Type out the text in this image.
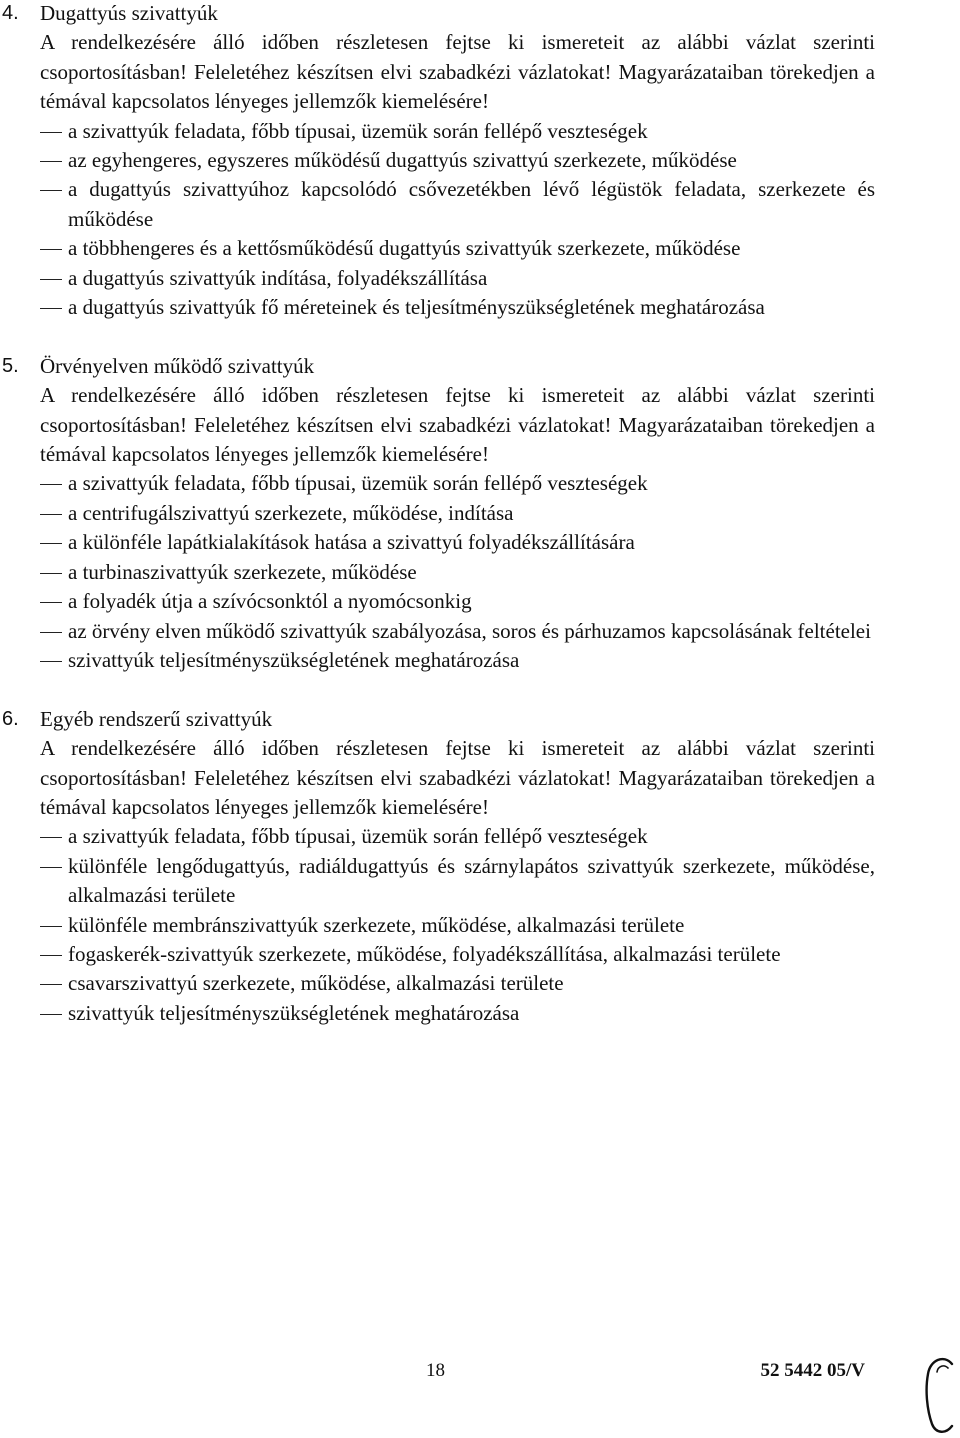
4.	Dugattyús szivattyúk

A rendelkezésére álló időben részletesen fejtse ki ismereteit az alábbi vázlat szerinti csoportosításban! Feleletéhez készítsen elvi szabadkézi vázlatokat! Magyarázataiban törekedjen a témával kapcsolatos lényeges jellemzők kiemelésére!

a szivattyúk feladata, főbb típusai, üzemük során fellépő veszteségek
az egyhengeres, egyszeres működésű dugattyús szivattyú szerkezete, működése
a dugattyús szivattyúhoz kapcsolódó csővezetékben lévő légüstök feladata, szerkezete és működése
a többhengeres és a kettősműködésű dugattyús szivattyúk szerkezete, működése
a dugattyús szivattyúk indítása, folyadékszállítása
a dugattyús szivattyúk fő méreteinek és teljesítményszükségletének meghatározása
5.	Örvényelven működő szivattyúk

A rendelkezésére álló időben részletesen fejtse ki ismereteit az alábbi vázlat szerinti csoportosításban! Feleletéhez készítsen elvi szabadkézi vázlatokat! Magyarázataiban törekedjen a témával kapcsolatos lényeges jellemzők kiemelésére!

a szivattyúk feladata, főbb típusai, üzemük során fellépő veszteségek
a centrifugálszivattyú szerkezete, működése, indítása
a különféle lapátkialakítások hatása a szivattyú folyadékszállítására
a turbinaszivattyúk szerkezete, működése
a folyadék útja a szívócsonktól a nyomócsonkig
az örvény elven működő szivattyúk szabályozása, soros és párhuzamos kapcsolásának feltételei
szivattyúk teljesítményszükségletének meghatározása
6.	Egyéb rendszerű szivattyúk

A rendelkezésére álló időben részletesen fejtse ki ismereteit az alábbi vázlat szerinti csoportosításban! Feleletéhez készítsen elvi szabadkézi vázlatokat! Magyarázataiban törekedjen a témával kapcsolatos lényeges jellemzők kiemelésére!

a szivattyúk feladata, főbb típusai, üzemük során fellépő veszteségek
különféle lengődugattyús, radiáldugattyús és szárnylapátos szivattyúk szerkezete, működése, alkalmazási területe
különféle membránszivattyúk szerkezete, működése, alkalmazási területe
fogaskerék-szivattyúk szerkezete, működése, folyadékszállítása, alkalmazási területe
csavarszivattyú szerkezete, működése, alkalmazási területe
szivattyúk teljesítményszükségletének meghatározása
18	52 5442 05/V
